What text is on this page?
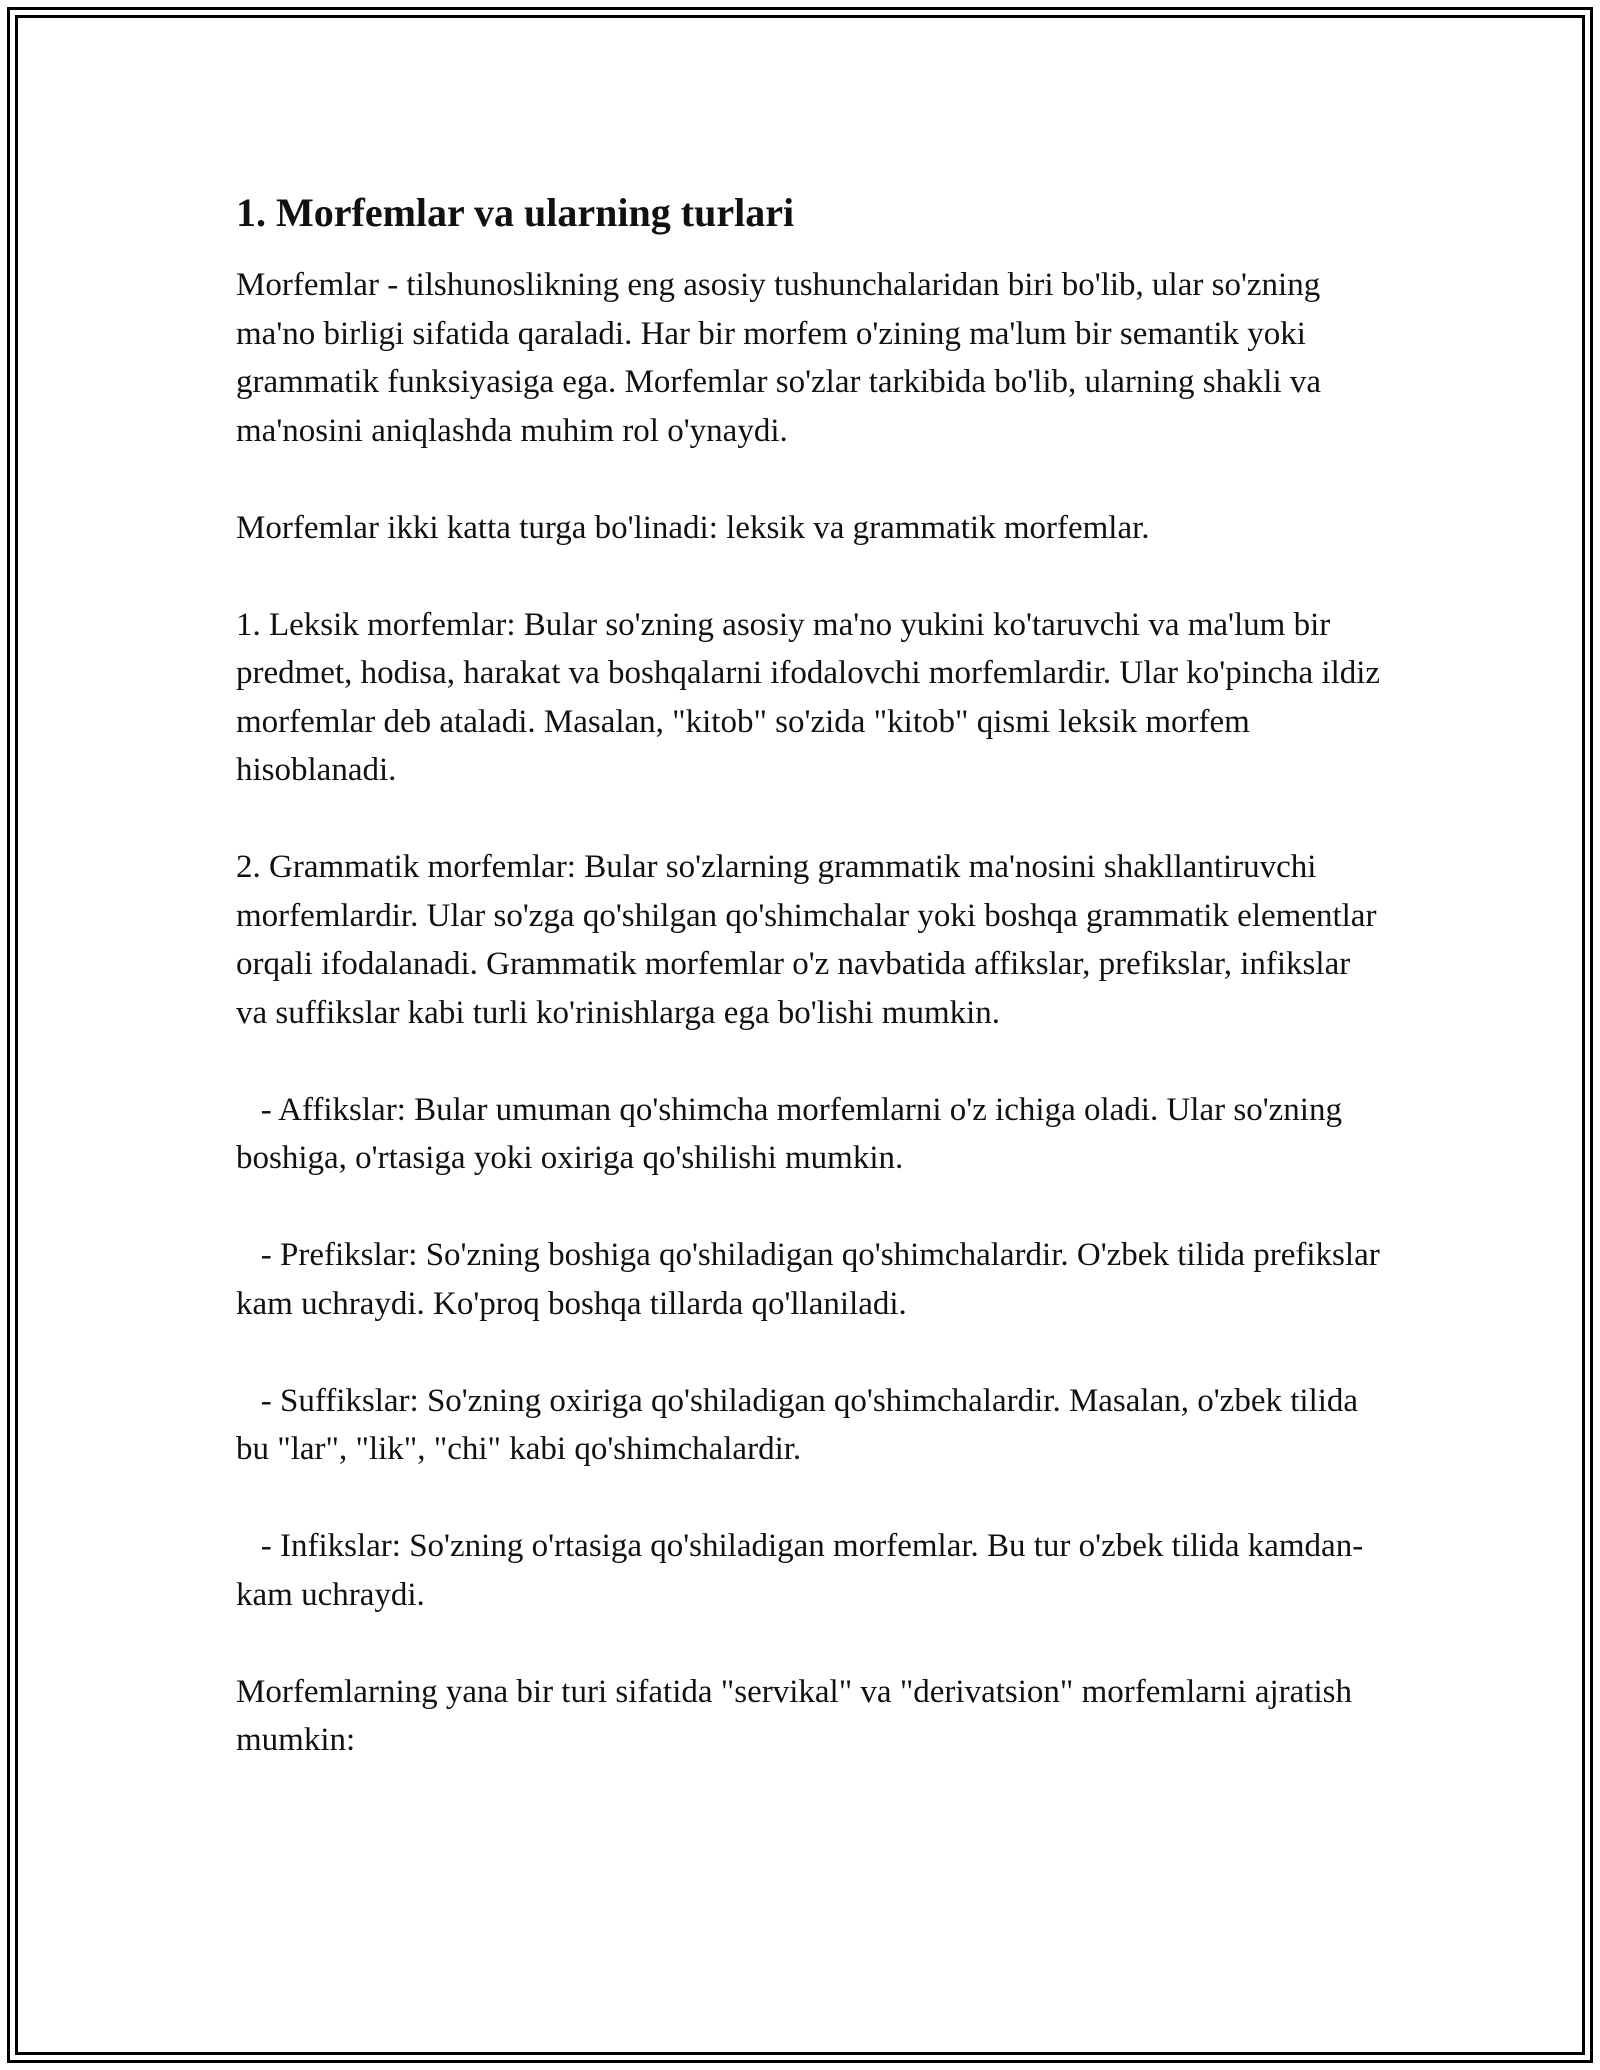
1. Morfemlar va ularning turlari
Morfemlar - tilshunoslikning eng asosiy tushunchalaridan biri bo'lib, ular so'zning ma'no birligi sifatida qaraladi. Har bir morfem o'zining ma'lum bir semantik yoki grammatik funksiyasiga ega. Morfemlar so'zlar tarkibida bo'lib, ularning shakli va ma'nosini aniqlashda muhim rol o'ynaydi.
Morfemlar ikki katta turga bo'linadi: leksik va grammatik morfemlar.
1. Leksik morfemlar: Bular so'zning asosiy ma'no yukini ko'taruvchi va ma'lum bir predmet, hodisa, harakat va boshqalarni ifodalovchi morfemlardir. Ular ko'pincha ildiz morfemlar deb ataladi. Masalan, "kitob" so'zida "kitob" qismi leksik morfem hisoblanadi.
2. Grammatik morfemlar: Bular so'zlarning grammatik ma'nosini shakllantiruvchi morfemlardir. Ular so'zga qo'shilgan qo'shimchalar yoki boshqa grammatik elementlar orqali ifodalanadi. Grammatik morfemlar o'z navbatida affikslar, prefikslar, infikslar va suffikslar kabi turli ko'rinishlarga ega bo'lishi mumkin.
- Affikslar: Bular umuman qo'shimcha morfemlarni o'z ichiga oladi. Ular so'zning boshiga, o'rtasiga yoki oxiriga qo'shilishi mumkin.
- Prefikslar: So'zning boshiga qo'shiladigan qo'shimchalardir. O'zbek tilida prefikslar kam uchraydi. Ko'proq boshqa tillarda qo'llaniladi.
- Suffikslar: So'zning oxiriga qo'shiladigan qo'shimchalardir. Masalan, o'zbek tilida bu "lar", "lik", "chi" kabi qo'shimchalardir.
- Infikslar: So'zning o'rtasiga qo'shiladigan morfemlar. Bu tur o'zbek tilida kamdan-kam uchraydi.
Morfemlarning yana bir turi sifatida "servikal" va "derivatsion" morfemlarni ajratish mumkin:
